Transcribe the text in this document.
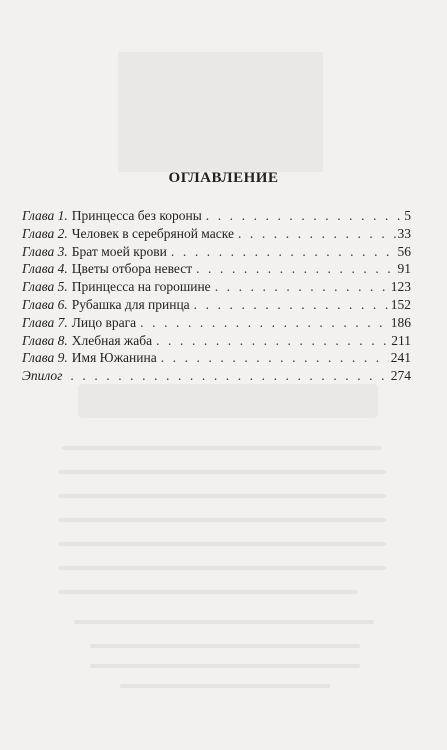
ОГЛАВЛЕНИЕ
Глава 1. Принцесса без короны . . .	5
Глава 2. Человек в серебряной маске . . .	33
Глава 3. Брат моей крови . . .	56
Глава 4. Цветы отбора невест . . .	91
Глава 5. Принцесса на горошине . . .	123
Глава 6. Рубашка для принца . . .	152
Глава 7. Лицо врага . . .	186
Глава 8. Хлебная жаба . . .	211
Глава 9. Имя Южанина . . .	241
Эпилог . . .	274
